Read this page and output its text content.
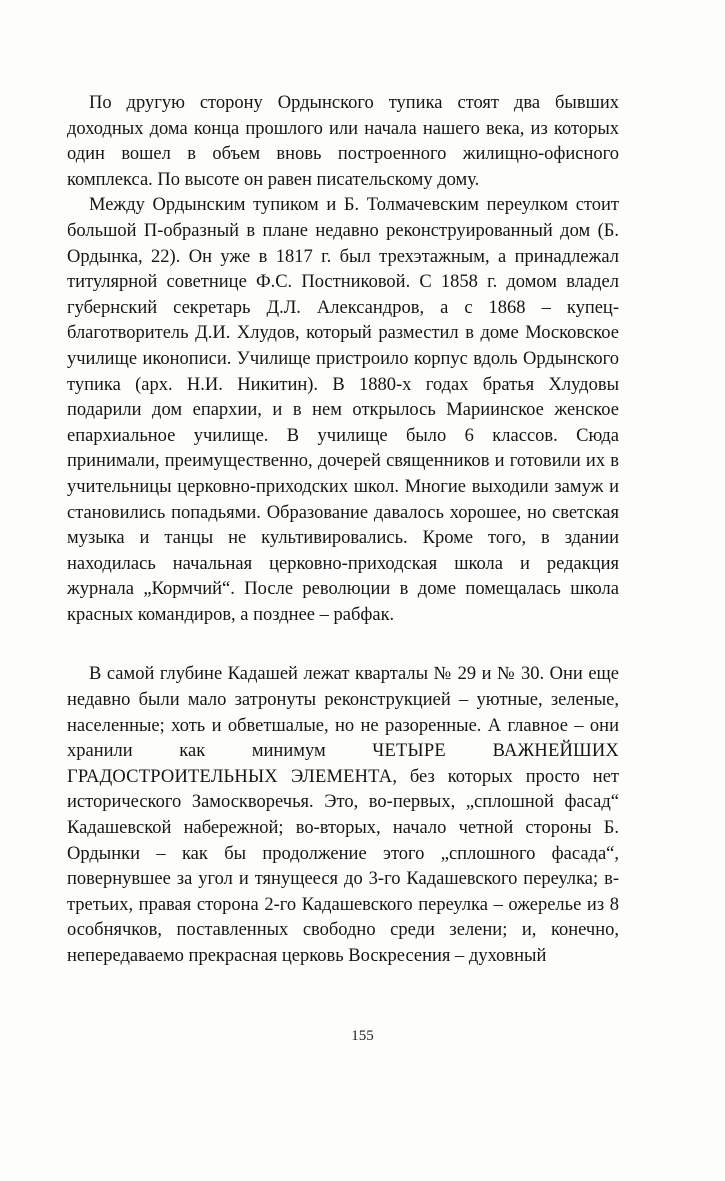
По другую сторону Ордынского тупика стоят два бывших доходных дома конца прошлого или начала нашего века, из которых один вошел в объем вновь построенного жилищно-офисного комплекса. По высоте он равен писательскому дому.

Между Ордынским тупиком и Б. Толмачевским переулком стоит большой П-образный в плане недавно реконструированный дом (Б. Ордынка, 22). Он уже в 1817 г. был трехэтажным, а принадлежал титулярной советнице Ф.С. Постниковой. С 1858 г. домом владел губернский секретарь Д.Л. Александров, а с 1868 – купец-благотворитель Д.И. Хлудов, который разместил в доме Московское училище иконописи. Училище пристроило корпус вдоль Ордынского тупика (арх. Н.И. Никитин). В 1880-х годах братья Хлудовы подарили дом епархии, и в нем открылось Мариинское женское епархиальное училище. В училище было 6 классов. Сюда принимали, преимущественно, дочерей священников и готовили их в учительницы церковно-приходских школ. Многие выходили замуж и становились попадьями. Образование давалось хорошее, но светская музыка и танцы не культивировались. Кроме того, в здании находилась начальная церковно-приходская школа и редакция журнала „Кормчий“. После революции в доме помещалась школа красных командиров, а позднее – рабфак.

В самой глубине Кадашей лежат кварталы № 29 и № 30. Они еще недавно были мало затронуты реконструкцией – уютные, зеленые, населенные; хоть и обветшалые, но не разоренные. А главное – они хранили как минимум ЧЕТЫРЕ ВАЖНЕЙШИХ ГРАДОСТРОИТЕЛЬНЫХ ЭЛЕМЕНТА, без которых просто нет исторического Замоскворечья. Это, во-первых, „сплошной фасад“ Кадашевской набережной; во-вторых, начало четной стороны Б. Ордынки – как бы продолжение этого „сплошного фасада“, повернувшее за угол и тянущееся до 3-го Кадашевского переулка; в-третьих, правая сторона 2-го Кадашевского переулка – ожерелье из 8 особнячков, поставленных свободно среди зелени; и, конечно, непередаваемо прекрасная церковь Воскресения – духовный

155
